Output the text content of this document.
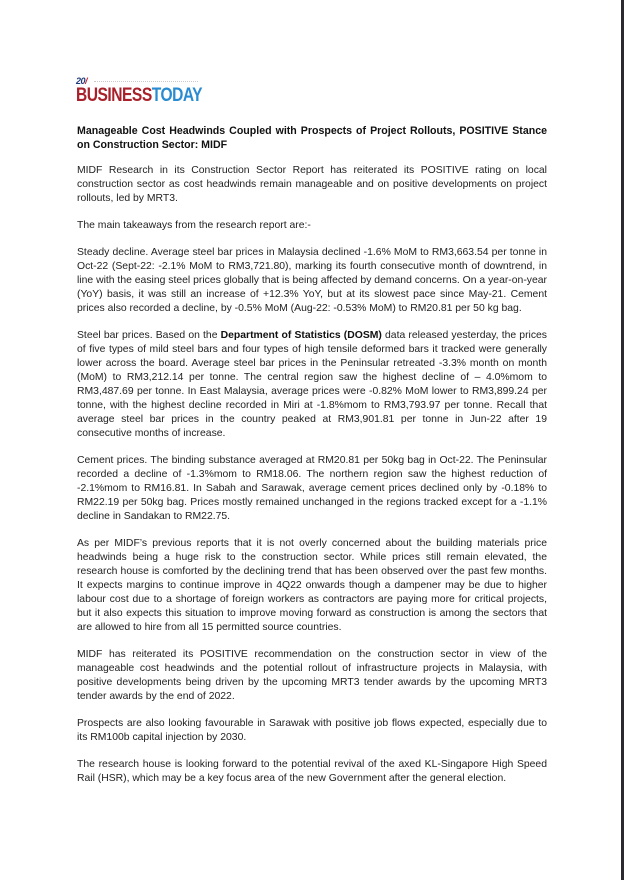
20/
BUSINESSTODAY
Manageable Cost Headwinds Coupled with Prospects of Project Rollouts, POSITIVE Stance on Construction Sector: MIDF

MIDF Research in its Construction Sector Report has reiterated its POSITIVE rating on local construction sector as cost headwinds remain manageable and on positive developments on project rollouts, led by MRT3.

The main takeaways from the research report are:-

Steady decline. Average steel bar prices in Malaysia declined -1.6% MoM to RM3,663.54 per tonne in Oct-22 (Sept-22: -2.1% MoM to RM3,721.80), marking its fourth consecutive month of downtrend, in line with the easing steel prices globally that is being affected by demand concerns. On a year-on-year (YoY) basis, it was still an increase of +12.3% YoY, but at its slowest pace since May-21. Cement prices also recorded a decline, by -0.5% MoM (Aug-22: -0.53% MoM) to RM20.81 per 50 kg bag.

Steel bar prices. Based on the Department of Statistics (DOSM) data released yesterday, the prices of five types of mild steel bars and four types of high tensile deformed bars it tracked were generally lower across the board. Average steel bar prices in the Peninsular retreated -3.3% month on month (MoM) to RM3,212.14 per tonne. The central region saw the highest decline of – 4.0%mom to RM3,487.69 per tonne. In East Malaysia, average prices were -0.82% MoM lower to RM3,899.24 per tonne, with the highest decline recorded in Miri at -1.8%mom to RM3,793.97 per tonne. Recall that average steel bar prices in the country peaked at RM3,901.81 per tonne in Jun-22 after 19 consecutive months of increase.

Cement prices. The binding substance averaged at RM20.81 per 50kg bag in Oct-22. The Peninsular recorded a decline of -1.3%mom to RM18.06. The northern region saw the highest reduction of -2.1%mom to RM16.81. In Sabah and Sarawak, average cement prices declined only by -0.18% to RM22.19 per 50kg bag. Prices mostly remained unchanged in the regions tracked except for a -1.1% decline in Sandakan to RM22.75.

As per MIDF’s previous reports that it is not overly concerned about the building materials price headwinds being a huge risk to the construction sector. While prices still remain elevated, the research house is comforted by the declining trend that has been observed over the past few months. It expects margins to continue improve in 4Q22 onwards though a dampener may be due to higher labour cost due to a shortage of foreign workers as contractors are paying more for critical projects, but it also expects this situation to improve moving forward as construction is among the sectors that are allowed to hire from all 15 permitted source countries.

MIDF has reiterated its POSITIVE recommendation on the construction sector in view of the manageable cost headwinds and the potential rollout of infrastructure projects in Malaysia, with positive developments being driven by the upcoming MRT3 tender awards by the upcoming MRT3 tender awards by the end of 2022.

Prospects are also looking favourable in Sarawak with positive job flows expected, especially due to its RM100b capital injection by 2030.

The research house is looking forward to the potential revival of the axed KL-Singapore High Speed Rail (HSR), which may be a key focus area of the new Government after the general election.
